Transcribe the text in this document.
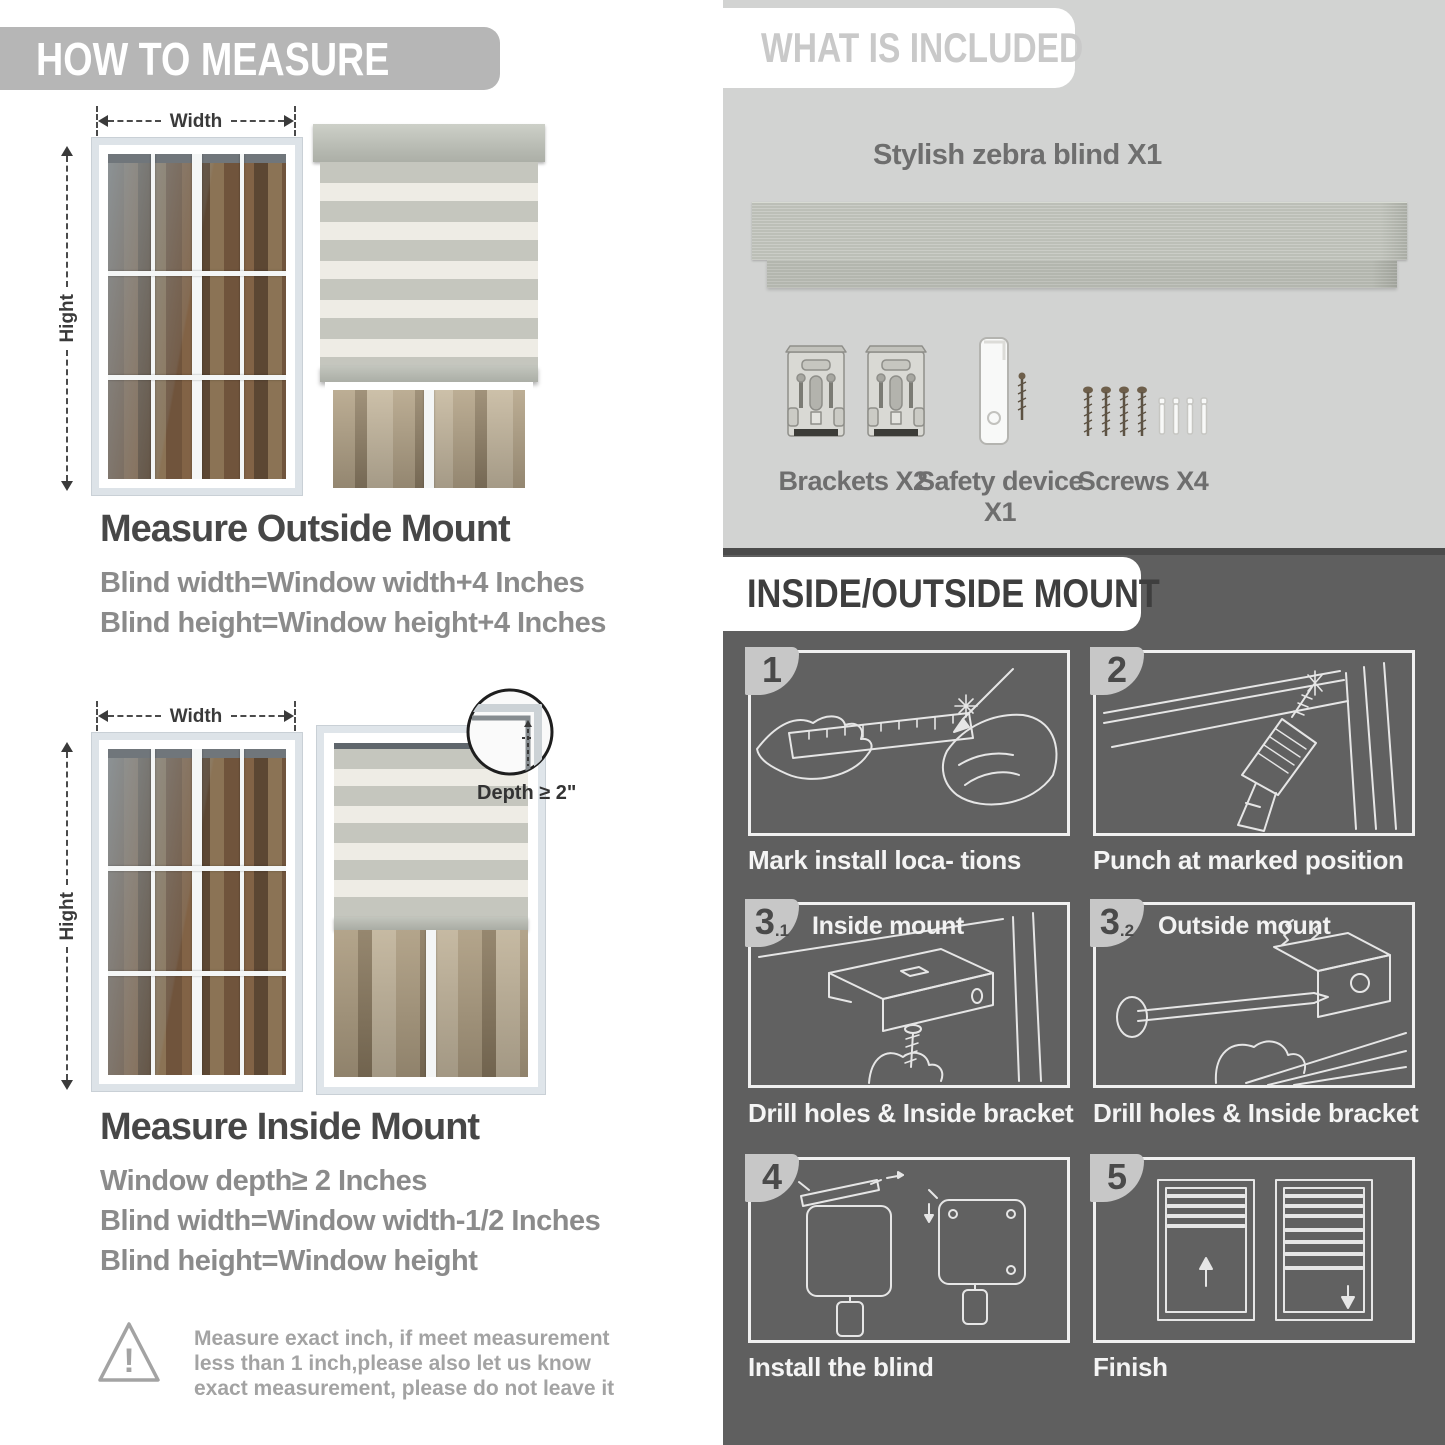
HOW TO MEASURE
Width
Hight
Measure Outside Mount
Blind width=Window width+4 Inches
Blind height=Window height+4 Inches
Width
Hight
Depth ≥ 2"
Measure Inside Mount
Window depth≥ 2 Inches
Blind width=Window width-1/2 Inches
Blind height=Window height
!
Measure exact inch, if meet measurement less than 1 inch,please also let us know exact measurement, please do not leave it
WHAT IS INCLUDED
Stylish zebra blind X1
Brackets X2
Safety device X1
Screws X4
INSIDE/OUTSIDE MOUNT
Mark install loca- tions
1
Punch at marked position
2
Drill holes & Inside bracket
Inside mount
3 .1
Drill holes & Inside bracket
Outside mount
3 .2
Install the blind
4
Finish
5
